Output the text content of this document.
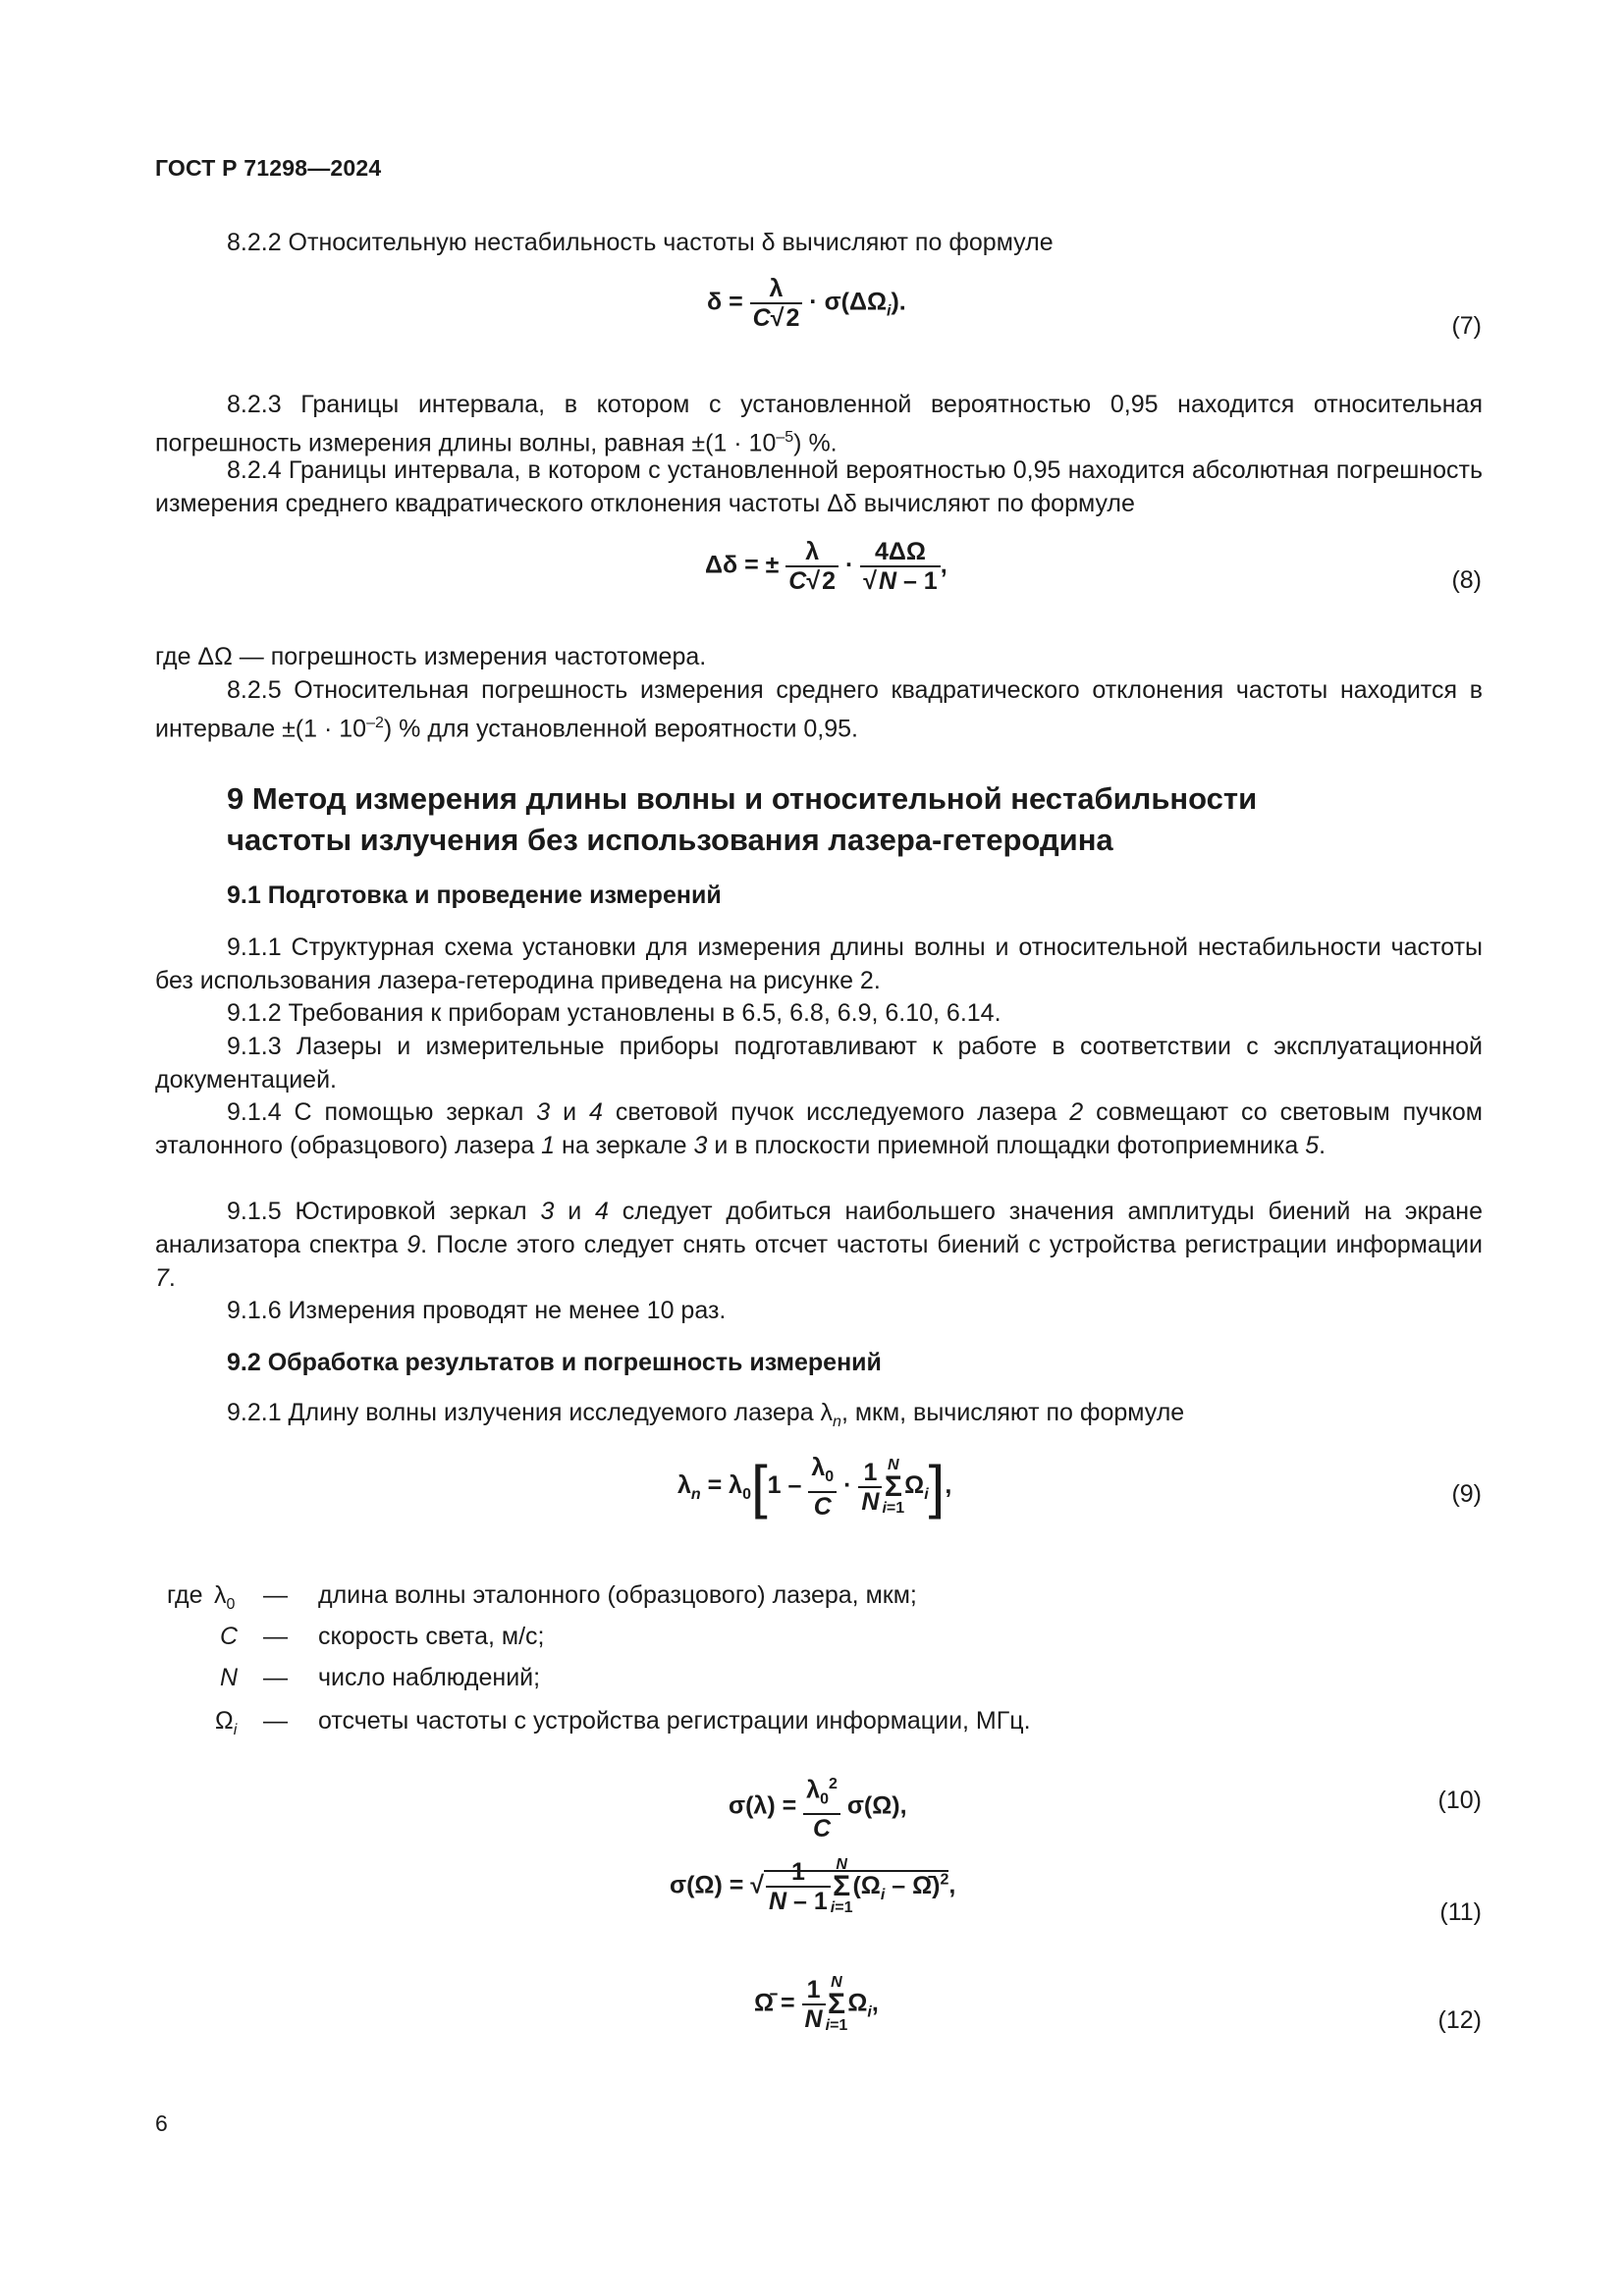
ГОСТ Р 71298—2024
8.2.2 Относительную нестабильность частоты δ вычисляют по формуле
$\delta = \frac{\lambda}{C√2} \cdot \sigma(\Delta\Omega_i)$.
(7)
8.2.3 Границы интервала, в котором с установленной вероятностью 0,95 находится относительная погрешность измерения длины волны, равная $\pm(1 \cdot 10^{-5})$ %.
8.2.4 Границы интервала, в котором с установленной вероятностью 0,95 находится абсолютная погрешность измерения среднего квадратического отклонения частоты Δδ вычисляют по формуле
Δδ = ± $\frac{\lambda}{C√2} \cdot \frac{4\Delta\Omega}{√N - 1}$ ,
(8)
где ΔΩ — погрешность измерения частотомера.
8.2.5 Относительная погрешность измерения среднего квадратического отклонения частоты находится в интервале $\pm(1 \cdot 10^{-2})$ % для установленной вероятности 0,95.
9 Метод измерения длины волны и относительной нестабильности
частоты излучения без использования лазера-гетеродина
9.1 Подготовка и проведение измерений
9.1.1 Структурная схема установки для измерения длины волны и относительной нестабильности частоты без использования лазера-гетеродина приведена на рисунке 2.
9.1.2 Требования к приборам установлены в 6.5, 6.8, 6.9, 6.10, 6.14.
9.1.3 Лазеры и измерительные приборы подготавливают к работе в соответствии с эксплуатационной документацией.
9.1.4 С помощью зеркал 3 и 4 световой пучок исследуемого лазера 2 совмещают со световым пучком эталонного (образцового) лазера 1 на зеркале 3 и в плоскости приемной площадки фотоприемника 5.
9.1.5 Юстировкой зеркал 3 и 4 следует добиться наибольшего значения амплитуды биений на экране анализатора спектра 9. После этого следует снять отсчет частоты биений с устройства регистрации информации 7.
9.1.6 Измерения проводят не менее 10 раз.
9.2 Обработка результатов и погрешность измерений
9.2.1 Длину волны излучения исследуемого лазера $\lambda_n$, мкм, вычисляют по формуле
$\lambda_n = \lambda_0[1 - \frac{\lambda_0}{C} \cdot \frac{1}{N}$ N
Σ
$i=1\Omega_i$],	(9)
где $\lambda_0$ — длина волны эталонного (образцового) лазера, мкм;
C — скорость света, м/с;
N — число наблюдений;
$\Omega_i$ — отсчеты частоты с устройства регистрации информации, МГц.
$\sigma(\lambda) = \frac{\lambda_0^2}{C} \sigma(\Omega)$,	(10)
σ(Ω) = √ $\frac{1}{N - 1}$ N
Σ
$i=1(\Omega_i$ – Ω̄)$^2$,
(11)
Ω̄ = $\frac{1}{N}$ N
Σ
$i=1\Omega_i$,
(12)
6
